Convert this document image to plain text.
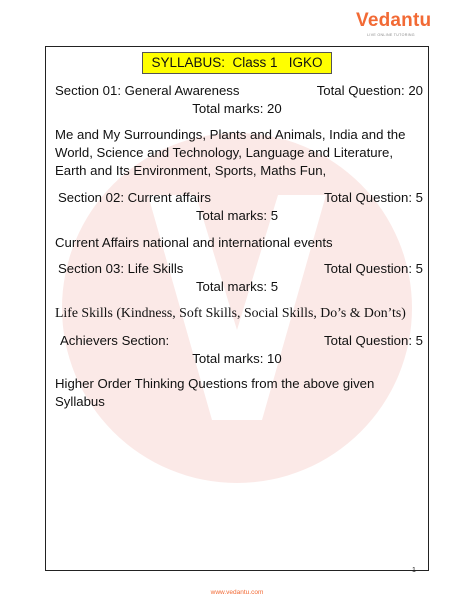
Vedantu
LIVE ONLINE TUTORING
SYLLABUS:  Class 1   IGKO
Section 01: General Awareness	Total Question: 20
Total marks: 20
Me and My Surroundings, Plants and Animals, India and the World, Science and Technology, Language and Literature, Earth and Its Environment, Sports, Maths Fun,
Section 02: Current affairs	Total Question: 5
Total marks: 5
Current Affairs national and international events
Section 03: Life Skills	Total Question: 5
Total marks: 5
Life Skills (Kindness, Soft Skills, Social Skills, Do’s & Don’ts)
Achievers Section:	Total Question: 5
Total marks: 10
Higher Order Thinking Questions from the above given Syllabus
1
www.vedantu.com
